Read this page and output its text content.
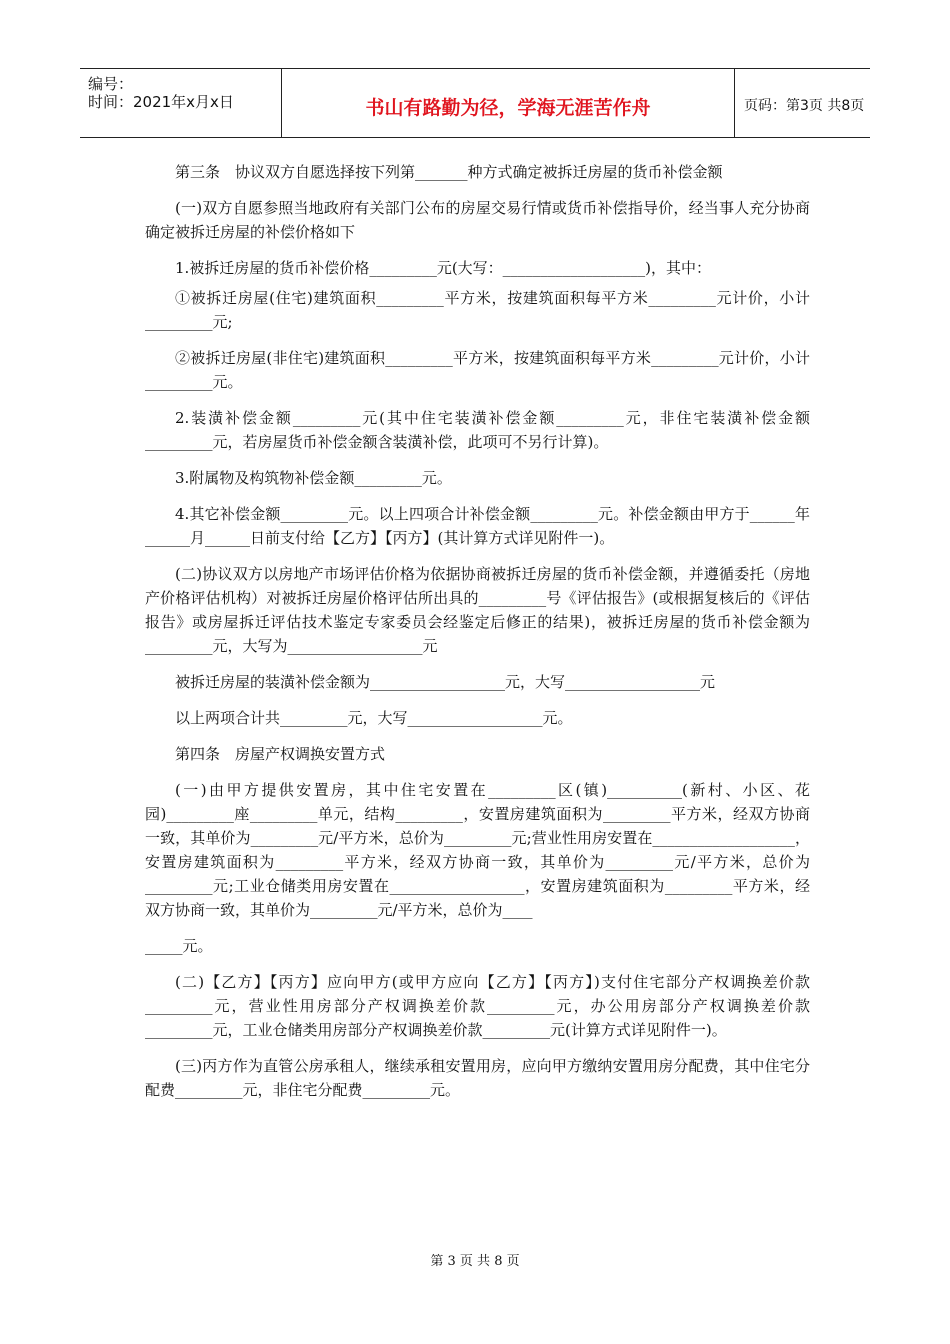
编号：
时间：2021年x月x日	书山有路勤为径，学海无涯苦作舟	页码：第3页 共8页

第三条　协议双方自愿选择按下列第_______种方式确定被拆迁房屋的货币补偿金额

(一)双方自愿参照当地政府有关部门公布的房屋交易行情或货币补偿指导价，经当事人充分协商确定被拆迁房屋的补偿价格如下

1.被拆迁房屋的货币补偿价格_________元(大写：___________________)，其中：

①被拆迁房屋(住宅)建筑面积_________平方米，按建筑面积每平方米_________元计价，小计_________元;

②被拆迁房屋(非住宅)建筑面积_________平方米，按建筑面积每平方米_________元计价，小计_________元。

2.装潢补偿金额_________元(其中住宅装潢补偿金额_________元，非住宅装潢补偿金额_________元，若房屋货币补偿金额含装潢补偿，此项可不另行计算)。

3.附属物及构筑物补偿金额_________元。

4.其它补偿金额_________元。以上四项合计补偿金额_________元。补偿金额由甲方于______年______月______日前支付给【乙方】【丙方】(其计算方式详见附件一)。

(二)协议双方以房地产市场评估价格为依据协商被拆迁房屋的货币补偿金额，并遵循委托（房地产价格评估机构）对被拆迁房屋价格评估所出具的_________号《评估报告》(或根据复核后的《评估报告》或房屋拆迁评估技术鉴定专家委员会经鉴定后修正的结果)，被拆迁房屋的货币补偿金额为_________元，大写为__________________元

被拆迁房屋的装潢补偿金额为__________________元，大写__________________元

以上两项合计共_________元，大写__________________元。

第四条　房屋产权调换安置方式

(一)由甲方提供安置房，其中住宅安置在_________区(镇)__________(新村、小区、花园)_________座_________单元，结构_________，安置房建筑面积为_________平方米，经双方协商一致，其单价为_________元/平方米，总价为_________元;营业性用房安置在___________________，安置房建筑面积为_________平方米，经双方协商一致，其单价为_________元/平方米，总价为_________元;工业仓储类用房安置在__________________，安置房建筑面积为_________平方米，经双方协商一致，其单价为_________元/平方米，总价为____

_____元。

(二)【乙方】【丙方】应向甲方(或甲方应向【乙方】【丙方】)支付住宅部分产权调换差价款_________元，营业性用房部分产权调换差价款_________元，办公用房部分产权调换差价款_________元，工业仓储类用房部分产权调换差价款_________元(计算方式详见附件一)。

(三)丙方作为直管公房承租人，继续承租安置用房，应向甲方缴纳安置用房分配费，其中住宅分配费_________元，非住宅分配费_________元。

第 3 页 共 8 页
